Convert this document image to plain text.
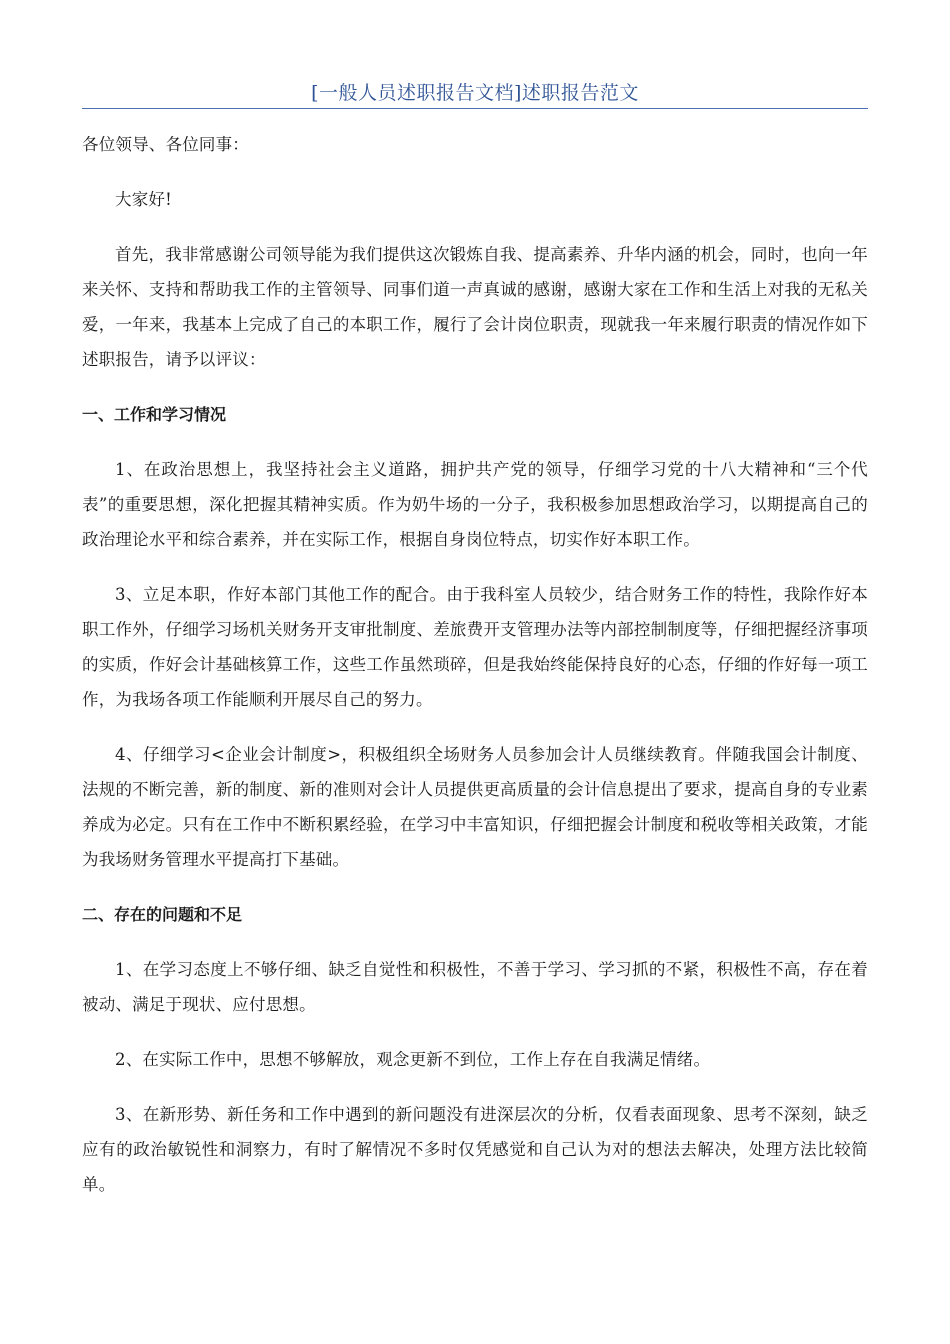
[一般人员述职报告文档]述职报告范文

各位领导、各位同事：

大家好!

首先，我非常感谢公司领导能为我们提供这次锻炼自我、提高素养、升华内涵的机会，同时，也向一年来关怀、支持和帮助我工作的主管领导、同事们道一声真诚的感谢，感谢大家在工作和生活上对我的无私关爱，一年来，我基本上完成了自己的本职工作，履行了会计岗位职责，现就我一年来履行职责的情况作如下述职报告，请予以评议：

一、工作和学习情况

1、在政治思想上，我坚持社会主义道路，拥护共产党的领导，仔细学习党的十八大精神和“三个代表”的重要思想，深化把握其精神实质。作为奶牛场的一分子，我积极参加思想政治学习，以期提高自己的政治理论水平和综合素养，并在实际工作，根据自身岗位特点，切实作好本职工作。

3、立足本职，作好本部门其他工作的配合。由于我科室人员较少，结合财务工作的特性，我除作好本职工作外，仔细学习场机关财务开支审批制度、差旅费开支管理办法等内部控制制度等，仔细把握经济事项的实质，作好会计基础核算工作，这些工作虽然琐碎，但是我始终能保持良好的心态，仔细的作好每一项工作，为我场各项工作能顺利开展尽自己的努力。

4、仔细学习<企业会计制度>，积极组织全场财务人员参加会计人员继续教育。伴随我国会计制度、法规的不断完善，新的制度、新的准则对会计人员提供更高质量的会计信息提出了要求，提高自身的专业素养成为必定。只有在工作中不断积累经验，在学习中丰富知识，仔细把握会计制度和税收等相关政策，才能为我场财务管理水平提高打下基础。

二、存在的问题和不足

1、在学习态度上不够仔细、缺乏自觉性和积极性，不善于学习、学习抓的不紧，积极性不高，存在着被动、满足于现状、应付思想。

2、在实际工作中，思想不够解放，观念更新不到位，工作上存在自我满足情绪。

3、在新形势、新任务和工作中遇到的新问题没有进深层次的分析，仅看表面现象、思考不深刻，缺乏应有的政治敏锐性和洞察力，有时了解情况不多时仅凭感觉和自己认为对的想法去解决，处理方法比较简单。
